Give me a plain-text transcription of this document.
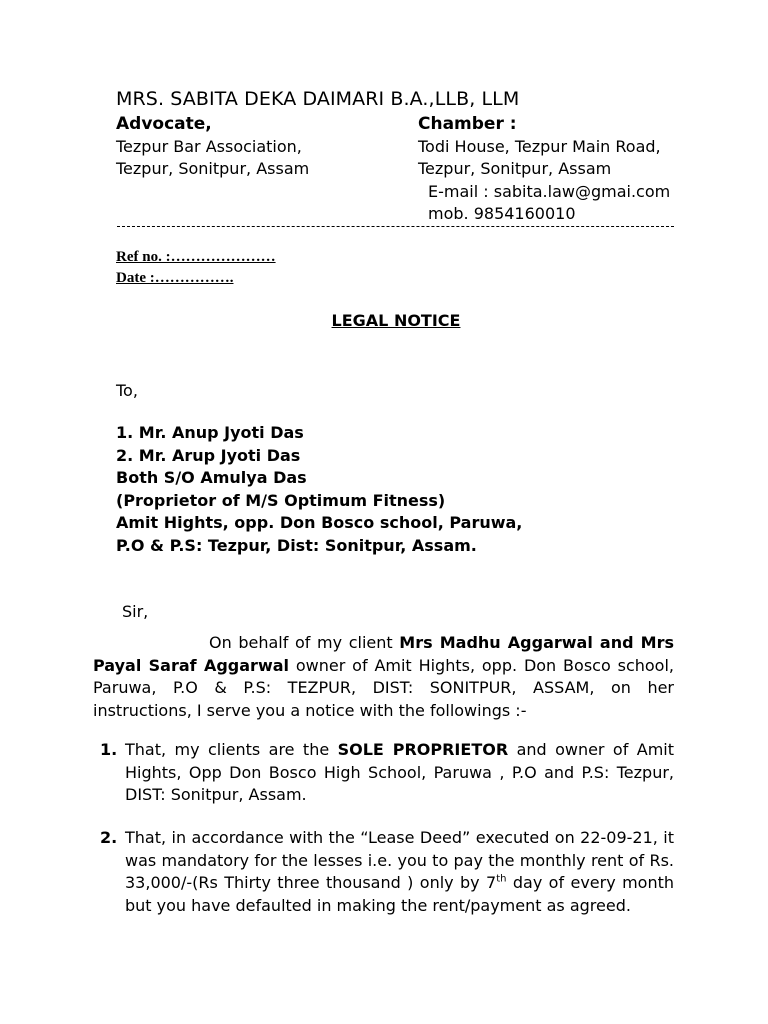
MRS. SABITA DEKA DAIMARI B.A.,LLB, LLM
Advocate,
Tezpur Bar Association,
Tezpur, Sonitpur, Assam
Chamber :
Todi House, Tezpur Main Road,
Tezpur, Sonitpur, Assam
E-mail : sabita.law@gmai.com
mob. 9854160010
Ref no. :…………………
Date :…………….
LEGAL NOTICE
To,
1. Mr. Anup Jyoti Das
2. Mr. Arup Jyoti Das
Both S/O Amulya Das
(Proprietor of M/S Optimum Fitness)
Amit Hights, opp. Don Bosco school, Paruwa,
P.O & P.S: Tezpur, Dist: Sonitpur, Assam.
Sir,
On behalf of my client Mrs Madhu Aggarwal and Mrs Payal Saraf Aggarwal owner of Amit Hights, opp. Don Bosco school, Paruwa, P.O & P.S: TEZPUR, DIST: SONITPUR, ASSAM, on her instructions, I serve you a notice with the followings :-
1. That, my clients are the SOLE PROPRIETOR and owner of Amit Hights, Opp Don Bosco High School, Paruwa , P.O and P.S: Tezpur, DIST: Sonitpur, Assam.
2. That, in accordance with the “Lease Deed” executed on 22-09-21, it was mandatory for the lesses i.e. you to pay the monthly rent of Rs. 33,000/-(Rs Thirty three thousand ) only by 7th day of every month but you have defaulted in making the rent/payment as agreed.
